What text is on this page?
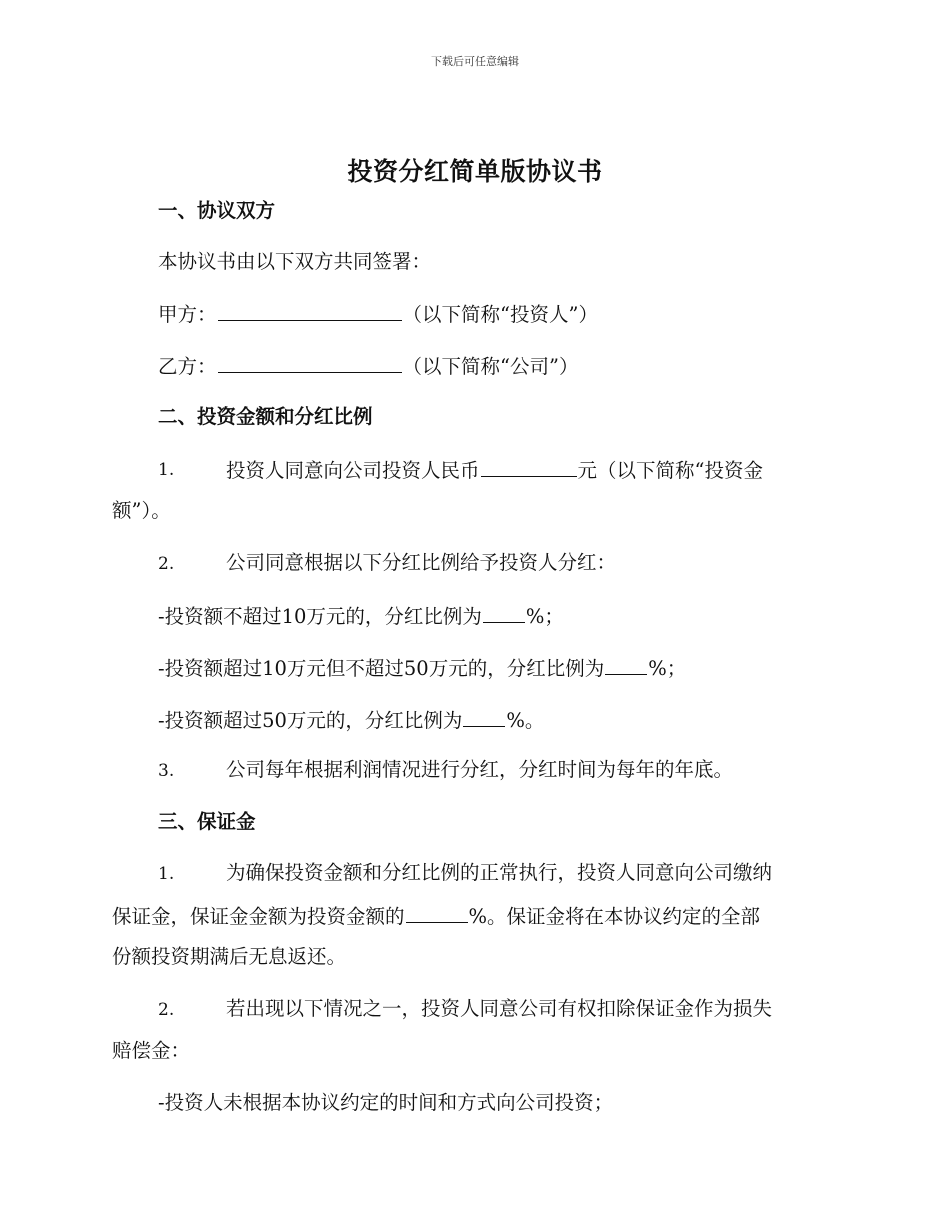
下载后可任意编辑
投资分红简单版协议书
一、协议双方
本协议书由以下双方共同签署：
甲方：	（以下简称“投资人”）
乙方：	（以下简称“公司”）
二、投资金额和分红比例
1.	投资人同意向公司投资人民币	元（以下简称“投资金
额”）。
2.	公司同意根据以下分红比例给予投资人分红：
-投资额不超过10万元的，分红比例为 %；
-投资额超过10万元但不超过50万元的，分红比例为 %；
-投资额超过50万元的，分红比例为 %。
3.	公司每年根据利润情况进行分红，分红时间为每年的年底。
三、保证金
1.	为确保投资金额和分红比例的正常执行，投资人同意向公司缴纳
保证金，保证金金额为投资金额的	%。保证金将在本协议约定的全部
份额投资期满后无息返还。
2.	若出现以下情况之一，投资人同意公司有权扣除保证金作为损失
赔偿金：
-投资人未根据本协议约定的时间和方式向公司投资；
